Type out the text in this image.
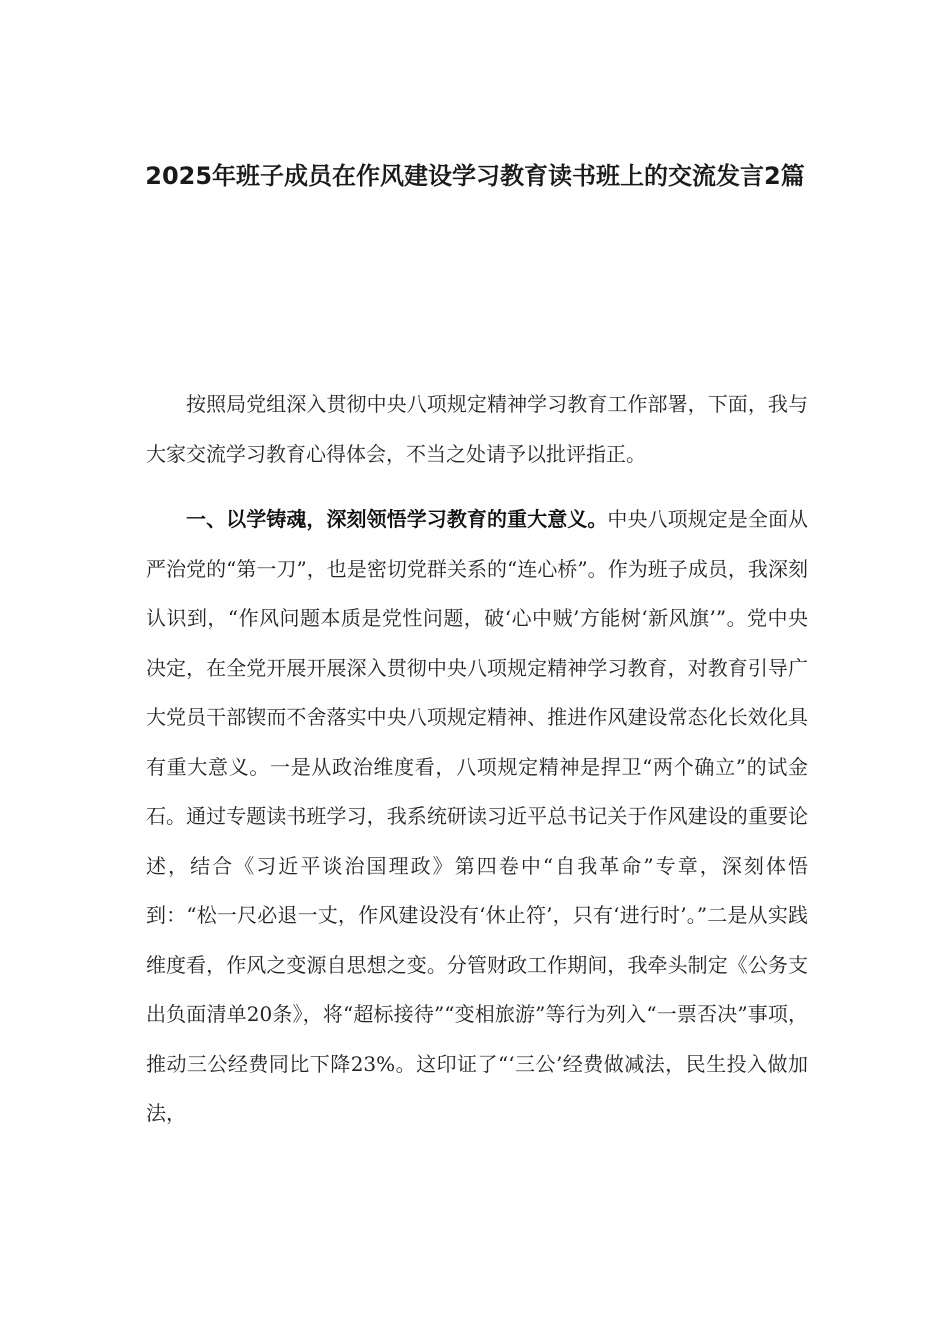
2025年班子成员在作风建设学习教育读书班上的交流发言2篇

按照局党组深入贯彻中央八项规定精神学习教育工作部署，下面，我与大家交流学习教育心得体会，不当之处请予以批评指正。

一、以学铸魂，深刻领悟学习教育的重大意义。中央八项规定是全面从严治党的“第一刀”，也是密切党群关系的“连心桥”。作为班子成员，我深刻认识到，“作风问题本质是党性问题，破‘心中贼’方能树‘新风旗’”。党中央决定，在全党开展开展深入贯彻中央八项规定精神学习教育，对教育引导广大党员干部锲而不舍落实中央八项规定精神、推进作风建设常态化长效化具有重大意义。一是从政治维度看，八项规定精神是捍卫“两个确立”的试金石。通过专题读书班学习，我系统研读习近平总书记关于作风建设的重要论述，结合《习近平谈治国理政》第四卷中“自我革命”专章，深刻体悟到：“松一尺必退一丈，作风建设没有‘休止符’，只有‘进行时’。”二是从实践维度看，作风之变源自思想之变。分管财政工作期间，我牵头制定《公务支出负面清单20条》，将“超标接待”“变相旅游”等行为列入“一票否决”事项，推动三公经费同比下降23%。这印证了“‘三公’经费做减法，民生投入做加法，
